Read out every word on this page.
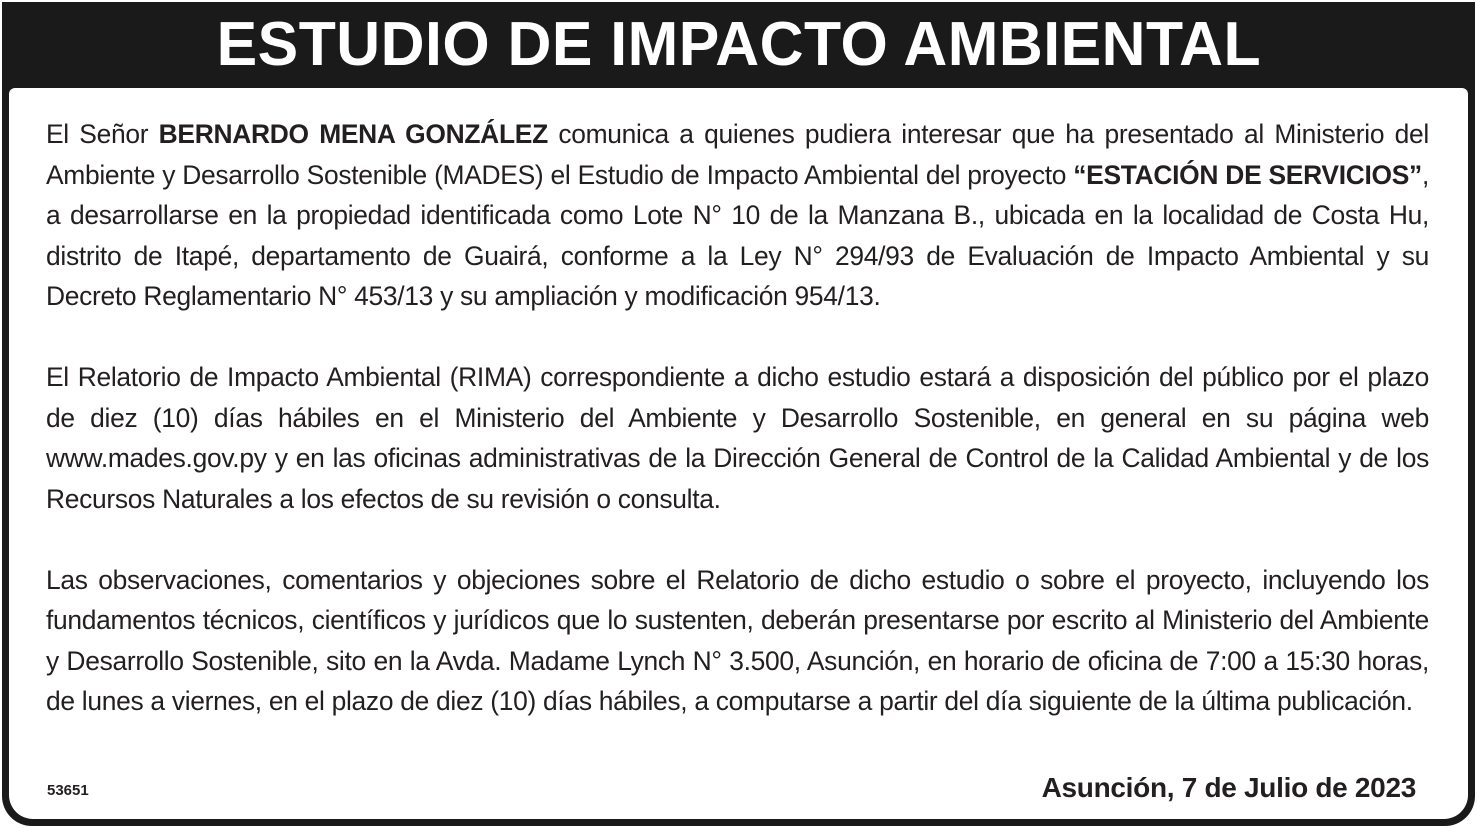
ESTUDIO DE IMPACTO AMBIENTAL

El Señor BERNARDO MENA GONZÁLEZ comunica a quienes pudiera interesar que ha presentado al Ministerio del Ambiente y Desarrollo Sostenible (MADES) el Estudio de Impacto Ambiental del proyecto “ESTACIÓN DE SERVICIOS”, a desarrollarse en la propiedad identificada como Lote N° 10 de la Manzana B., ubicada en la localidad de Costa Hu, distrito de Itapé, departamento de Guairá, conforme a la Ley N° 294/93 de Evaluación de Impacto Ambiental y su Decreto Reglamentario N° 453/13 y su ampliación y modificación 954/13.

El Relatorio de Impacto Ambiental (RIMA) correspondiente a dicho estudio estará a disposición del público por el plazo de diez (10) días hábiles en el Ministerio del Ambiente y Desarrollo Sostenible, en general en su página web www.mades.gov.py y en las oficinas administrativas de la Dirección General de Control de la Calidad Ambiental y de los Recursos Naturales a los efectos de su revisión o consulta.

Las observaciones, comentarios y objeciones sobre el Relatorio de dicho estudio o sobre el proyecto, incluyendo los fundamentos técnicos, científicos y jurídicos que lo sustenten, deberán presentarse por escrito al Ministerio del Ambiente y Desarrollo Sostenible, sito en la Avda. Madame Lynch N° 3.500, Asunción, en horario de oficina de 7:00 a 15:30 horas, de lunes a viernes, en el plazo de diez (10) días hábiles, a computarse a partir del día siguiente de la última publicación.

53651	Asunción, 7 de Julio de 2023
